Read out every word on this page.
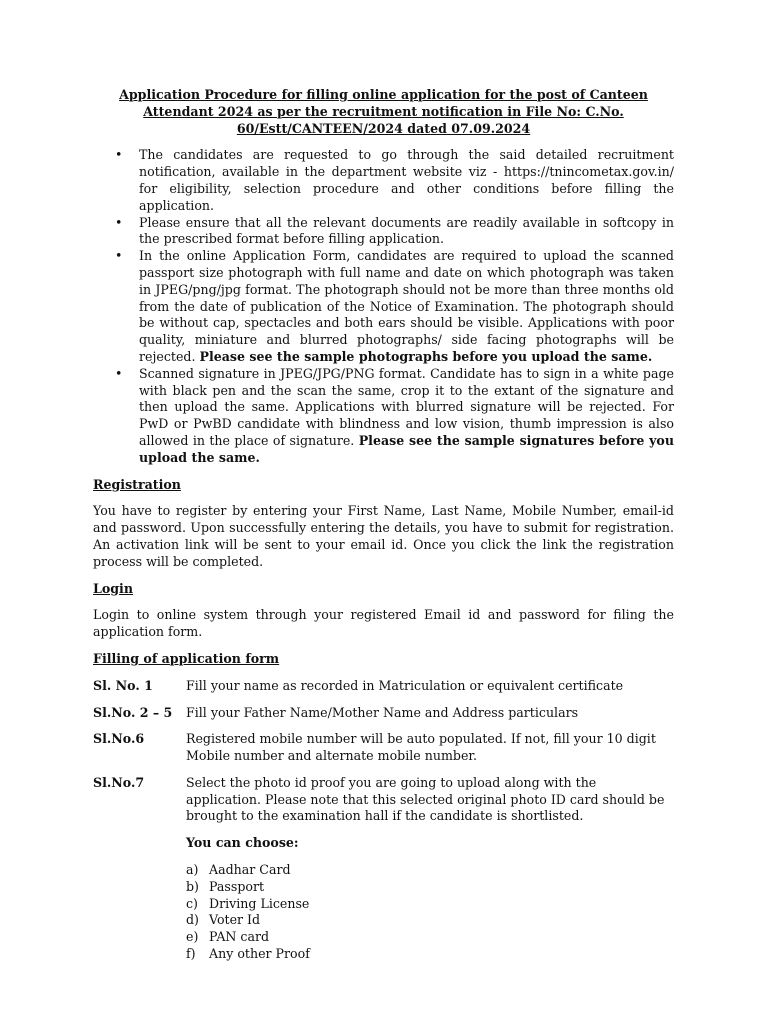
Application Procedure for filling online application for the post of Canteen Attendant 2024 as per the recruitment notification in File No: C.No. 60/Estt/CANTEEN/2024 dated 07.09.2024

• The candidates are requested to go through the said detailed recruitment notification, available in the department website viz - https://tnincometax.gov.in/ for eligibility, selection procedure and other conditions before filling the application.
• Please ensure that all the relevant documents are readily available in softcopy in the prescribed format before filling application.
• In the online Application Form, candidates are required to upload the scanned passport size photograph with full name and date on which photograph was taken in JPEG/png/jpg format. The photograph should not be more than three months old from the date of publication of the Notice of Examination. The photograph should be without cap, spectacles and both ears should be visible. Applications with poor quality, miniature and blurred photographs/ side facing photographs will be rejected. Please see the sample photographs before you upload the same.
• Scanned signature in JPEG/JPG/PNG format. Candidate has to sign in a white page with black pen and the scan the same, crop it to the extant of the signature and then upload the same. Applications with blurred signature will be rejected. For PwD or PwBD candidate with blindness and low vision, thumb impression is also allowed in the place of signature. Please see the sample signatures before you upload the same.

Registration

You have to register by entering your First Name, Last Name, Mobile Number, email-id and password. Upon successfully entering the details, you have to submit for registration. An activation link will be sent to your email id. Once you click the link the registration process will be completed.

Login

Login to online system through your registered Email id and password for filing the application form.

Filling of application form

Sl. No. 1	Fill your name as recorded in Matriculation or equivalent certificate
Sl.No. 2 – 5	Fill your Father Name/Mother Name and Address particulars
Sl.No.6	Registered mobile number will be auto populated. If not, fill your 10 digit Mobile number and alternate mobile number.
Sl.No.7	Select the photo id proof you are going to upload along with the application. Please note that this selected original photo ID card should be brought to the examination hall if the candidate is shortlisted.

You can choose:

a) Aadhar Card
b) Passport
c) Driving License
d) Voter Id
e) PAN card
f)	Any other Proof
